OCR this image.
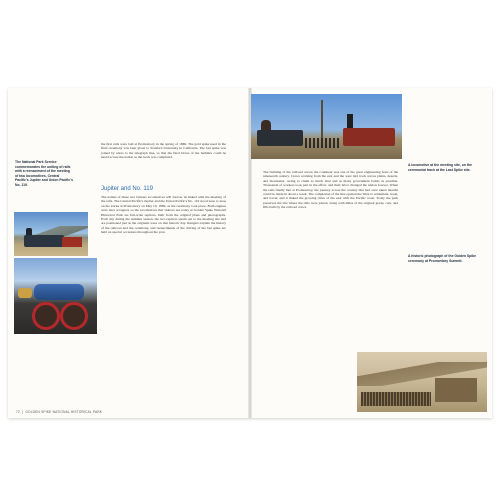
The National Park Service commemorates the uniting of rails with a reenactment of the meeting of two locomotives, Central Pacific's Jupiter and Union Pacific's No. 119.

the first rails were laid at Promontory in the spring of 1869. The gold spike used in the final ceremony was later given to Stanford University in California. The last spike was joined by wires to the telegraph line, so that the final blows of the hammer could be heard across the nation as the work was completed.

Jupiter and No. 119

The names of these two famous locomotives will forever be linked with the meeting of the rails. The Central Pacific's Jupiter and the Union Pacific's No. 119 stood nose to nose on the tracks at Promontory on May 10, 1869, as the ceremony took place. Both engines were later scrapped, so the locomotives that visitors see today at Golden Spike National Historical Park are full-scale replicas, built from the original plans and photographs. Each day during the summer season, the two replicas steam out to the meeting site and are positioned just as the originals were on that historic day. Rangers explain the history of the railroad and the ceremony, and reenactments of the driving of the last spike are held on special occasions throughout the year.

A locomotive at the meeting site, on the ceremonial track at the Last Spike site.

The building of the railroad across the continent was one of the great engineering feats of the nineteenth century. Crews working from the east and the west laid track across plains, deserts, and mountains, racing to claim as much land and as many government bonds as possible. Thousands of workers took part in the effort, and their labor changed the nation forever. When the rails finally met at Promontory, the journey across the country that had once taken months could be made in about a week. The completion of the line opened the West to settlement, trade, and travel, and it linked the growing cities of the east with the Pacific coast. Today the park preserves the site where the rails were joined, along with miles of the original grade, cuts, and fills built by the railroad crews.

A historic photograph of the Golden Spike ceremony at Promontory Summit.

72  |  GOLDEN SPIKE NATIONAL HISTORICAL PARK
